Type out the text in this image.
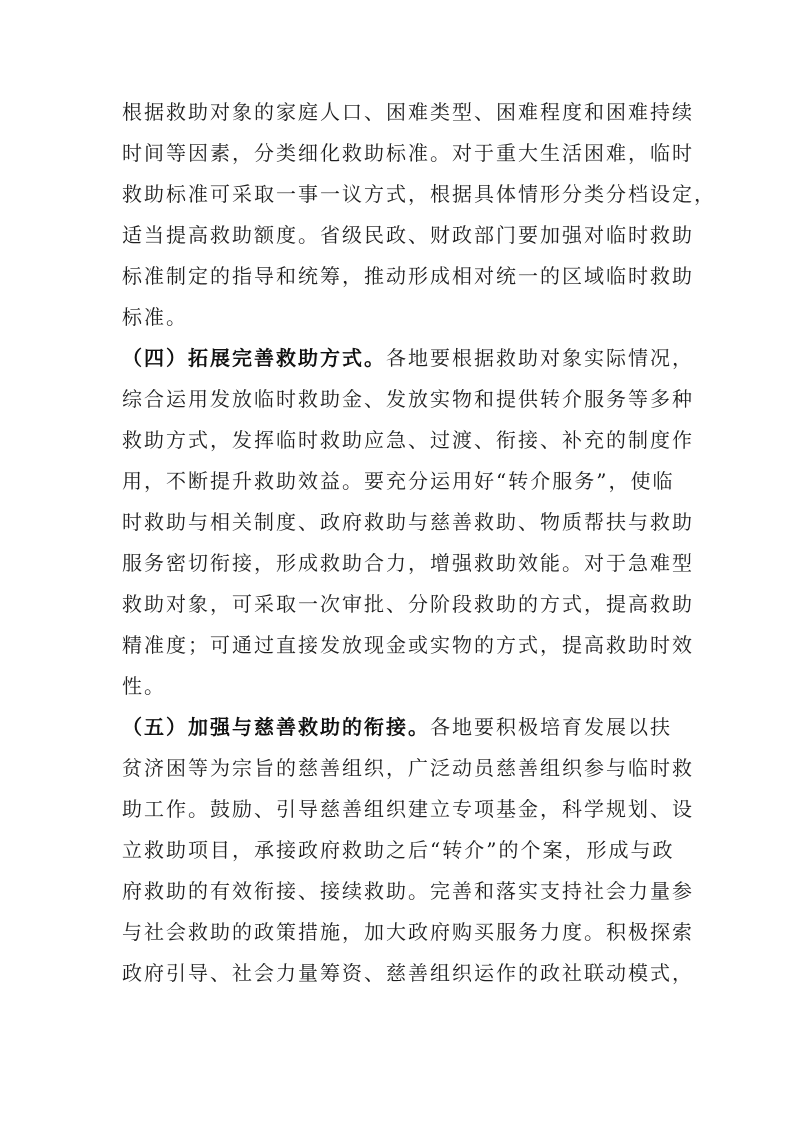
根据救助对象的家庭人口、困难类型、困难程度和困难持续
时间等因素，分类细化救助标准。对于重大生活困难，临时
救助标准可采取一事一议方式，根据具体情形分类分档设定，
适当提高救助额度。省级民政、财政部门要加强对临时救助
标准制定的指导和统筹，推动形成相对统一的区域临时救助
标准。
（四）拓展完善救助方式。各地要根据救助对象实际情况，
综合运用发放临时救助金、发放实物和提供转介服务等多种
救助方式，发挥临时救助应急、过渡、衔接、补充的制度作
用，不断提升救助效益。要充分运用好“转介服务”，使临
时救助与相关制度、政府救助与慈善救助、物质帮扶与救助
服务密切衔接，形成救助合力，增强救助效能。对于急难型
救助对象，可采取一次审批、分阶段救助的方式，提高救助
精准度；可通过直接发放现金或实物的方式，提高救助时效
性。
（五）加强与慈善救助的衔接。各地要积极培育发展以扶
贫济困等为宗旨的慈善组织，广泛动员慈善组织参与临时救
助工作。鼓励、引导慈善组织建立专项基金，科学规划、设
立救助项目，承接政府救助之后“转介”的个案，形成与政
府救助的有效衔接、接续救助。完善和落实支持社会力量参
与社会救助的政策措施，加大政府购买服务力度。积极探索
政府引导、社会力量筹资、慈善组织运作的政社联动模式，
